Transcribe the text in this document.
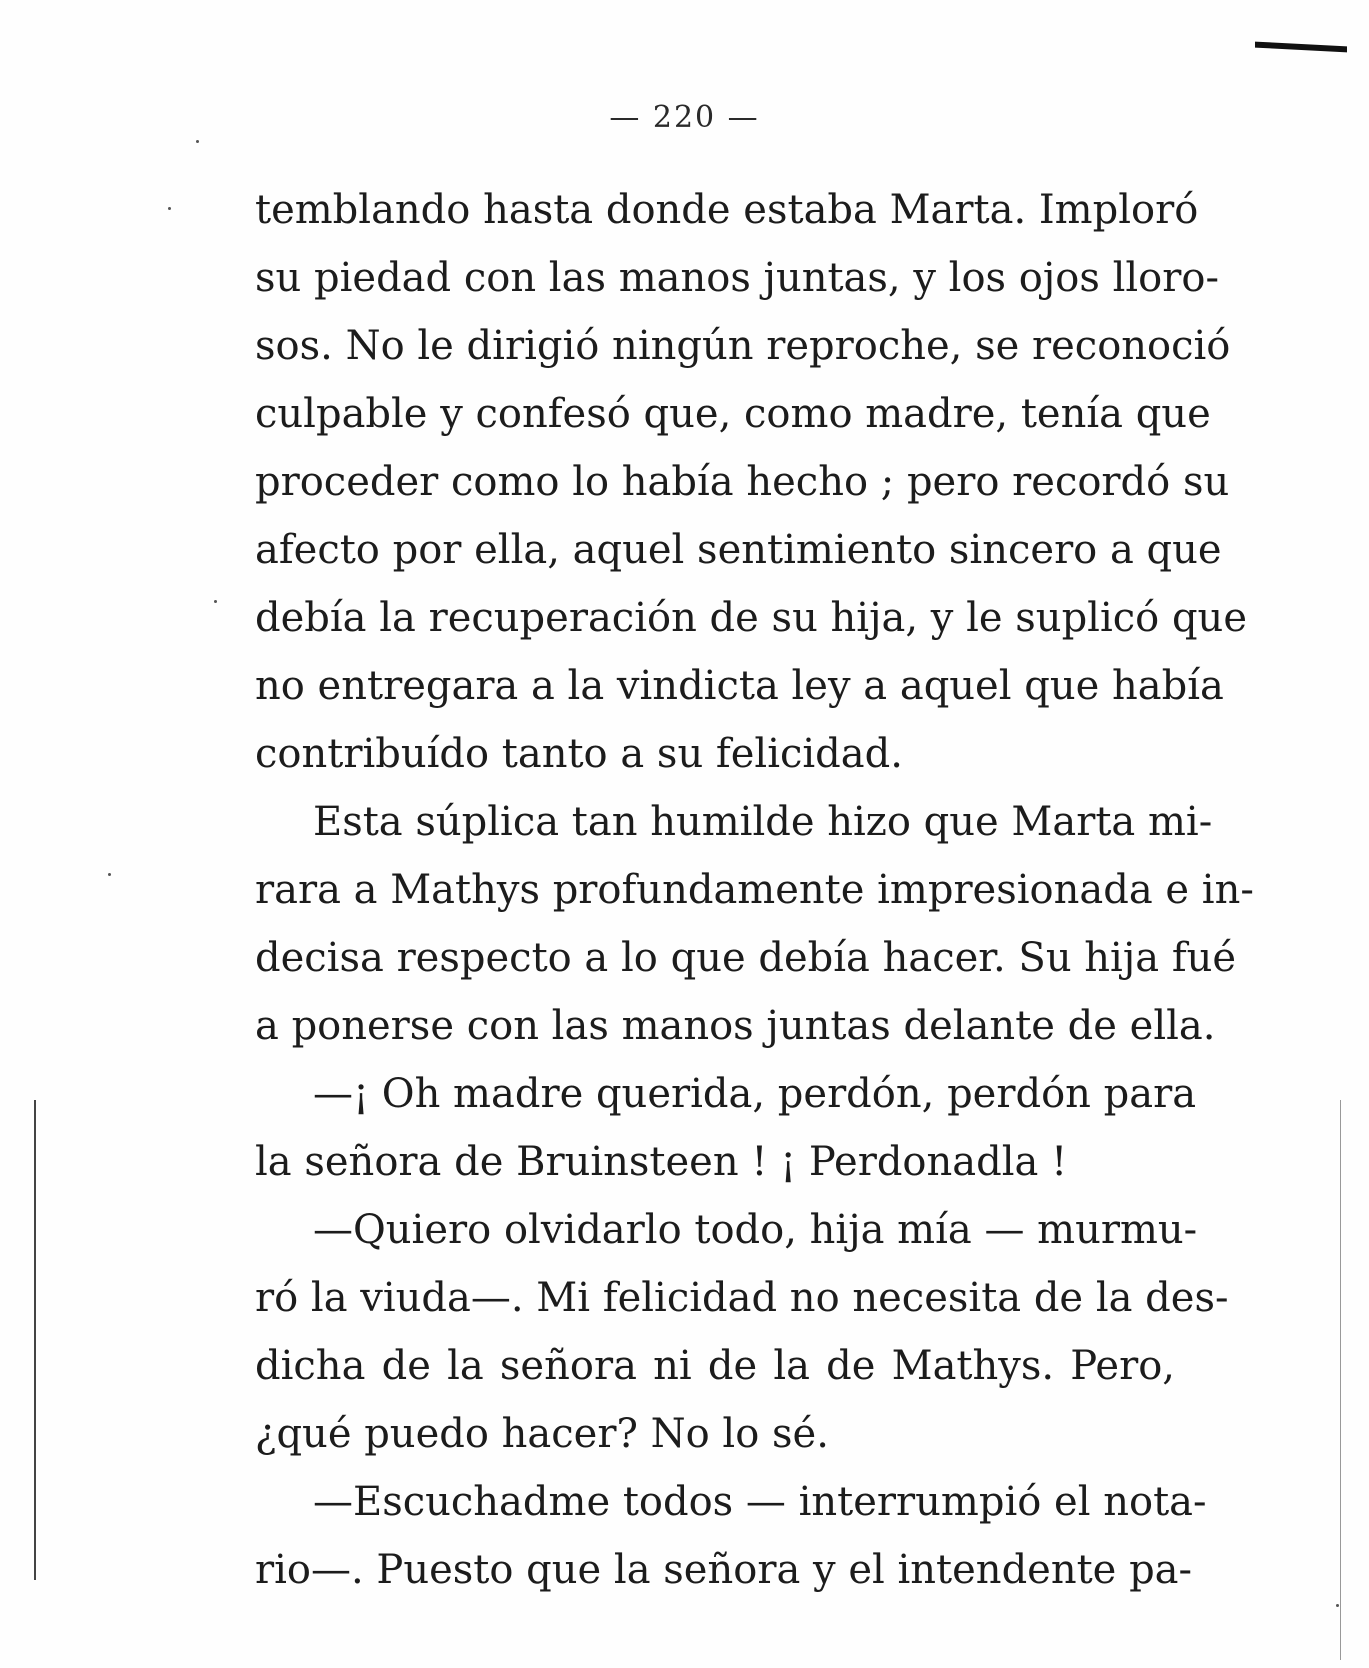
— 220 —
temblando hasta donde estaba Marta. Imploró
su piedad con las manos juntas, y los ojos lloro-
sos. No le dirigió ningún reproche, se reconoció
culpable y confesó que, como madre, tenía que
proceder como lo había hecho ; pero recordó su
afecto por ella, aquel sentimiento sincero a que
debía la recuperación de su hija, y le suplicó que
no entregara a la vindicta ley a aquel que había
contribuído tanto a su felicidad.
Esta súplica tan humilde hizo que Marta mi-
rara a Mathys profundamente impresionada e in-
decisa respecto a lo que debía hacer. Su hija fué
a ponerse con las manos juntas delante de ella.
—¡ Oh madre querida, perdón, perdón para
la señora de Bruinsteen ! ¡ Perdonadla !
—Quiero olvidarlo todo, hija mía — murmu-
ró la viuda—. Mi felicidad no necesita de la des-
dicha de la señora ni de la de Mathys. Pero,
¿qué puedo hacer? No lo sé.
—Escuchadme todos — interrumpió el nota-
rio—. Puesto que la señora y el intendente pa-
